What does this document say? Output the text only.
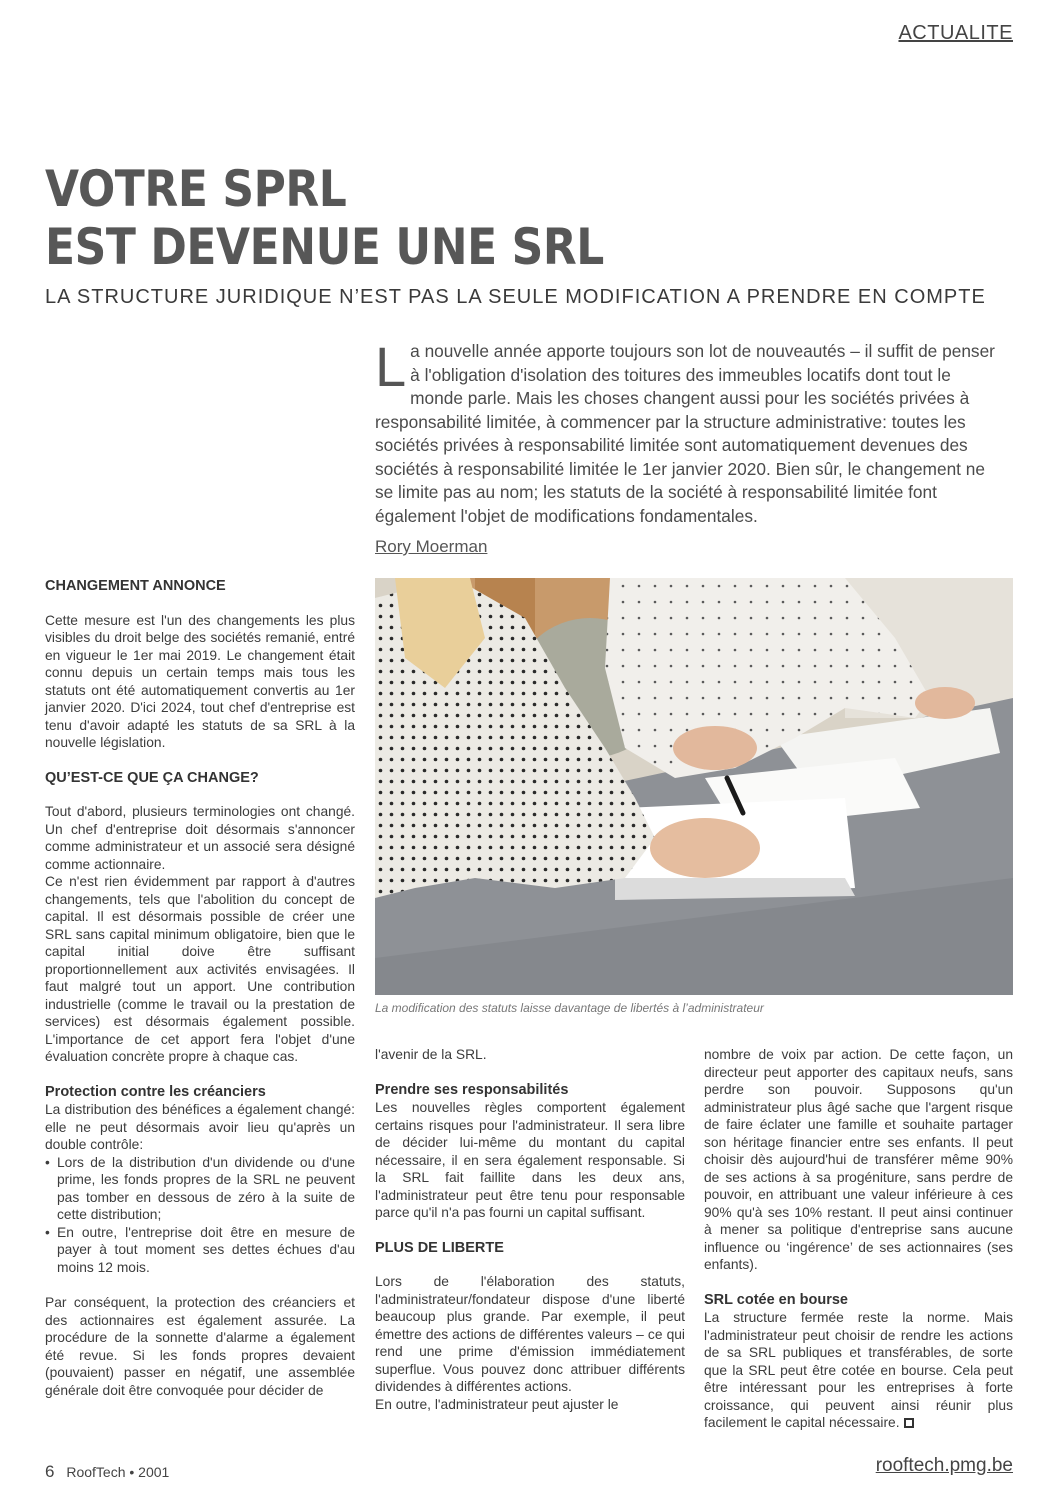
ACTUALITE
VOTRE SPRL
EST DEVENUE UNE SRL

LA STRUCTURE JURIDIQUE N’EST PAS LA SEULE MODIFICATION A PRENDRE EN COMPTE

La nouvelle année apporte toujours son lot de nouveautés – il suffit de penser à l'obligation d'isolation des toitures des immeubles locatifs dont tout le monde parle. Mais les choses changent aussi pour les sociétés privées à responsabilité limitée, à commencer par la structure administrative: toutes les sociétés privées à responsabilité limitée sont automatiquement devenues des sociétés à responsabilité limitée le 1er janvier 2020. Bien sûr, le changement ne se limite pas au nom; les statuts de la société à responsabilité limitée font également l'objet de modifications fondamentales.

Rory Moerman

CHANGEMENT ANNONCE

Cette mesure est l'un des changements les plus visibles du droit belge des sociétés remanié, entré en vigueur le 1er mai 2019. Le changement était connu depuis un certain temps mais tous les statuts ont été automatiquement convertis au 1er janvier 2020. D'ici 2024, tout chef d'entreprise est tenu d'avoir adapté les statuts de sa SRL à la nouvelle législation.

QU’EST-CE QUE ÇA CHANGE?

Tout d'abord, plusieurs terminologies ont changé. Un chef d'entreprise doit désormais s'annoncer comme administrateur et un associé sera désigné comme actionnaire.

Ce n'est rien évidemment par rapport à d'autres changements, tels que l'abolition du concept de capital. Il est désormais possible de créer une SRL sans capital minimum obligatoire, bien que le capital initial doive être suffisant proportionnellement aux activités envisagées. Il faut malgré tout un apport. Une contribution industrielle (comme le travail ou la prestation de services) est désormais également possible. L'importance de cet apport fera l'objet d'une évaluation concrète propre à chaque cas.

Protection contre les créanciers

La distribution des bénéfices a également changé: elle ne peut désormais avoir lieu qu'après un double contrôle:

• Lors de la distribution d'un dividende ou d'une prime, les fonds propres de la SRL ne peuvent pas tomber en dessous de zéro à la suite de cette distribution;
• En outre, l'entreprise doit être en mesure de payer à tout moment ses dettes échues d'au moins 12 mois.

Par conséquent, la protection des créanciers et des actionnaires est également assurée. La procédure de la sonnette d'alarme a également été revue. Si les fonds propres devaient (pouvaient) passer en négatif, une assemblée générale doit être convoquée pour décider de

La modification des statuts laisse davantage de libertés à l’administrateur

l'avenir de la SRL.

Prendre ses responsabilités

Les nouvelles règles comportent également certains risques pour l'administrateur. Il sera libre de décider lui-même du montant du capital nécessaire, il en sera également responsable. Si la SRL fait faillite dans les deux ans, l'administrateur peut être tenu pour responsable parce qu'il n'a pas fourni un capital suffisant.

PLUS DE LIBERTE

Lors de l'élaboration des statuts, l'administrateur/fondateur dispose d'une liberté beaucoup plus grande. Par exemple, il peut émettre des actions de différentes valeurs – ce qui rend une prime d'émission immédiatement superflue. Vous pouvez donc attribuer différents dividendes à différentes actions.

En outre, l'administrateur peut ajuster le

nombre de voix par action. De cette façon, un directeur peut apporter des capitaux neufs, sans perdre son pouvoir. Supposons qu'un administrateur plus âgé sache que l'argent risque de faire éclater une famille et souhaite partager son héritage financier entre ses enfants. Il peut choisir dès aujourd'hui de transférer même 90% de ses actions à sa progéniture, sans perdre de pouvoir, en attribuant une valeur inférieure à ces 90% qu'à ses 10% restant. Il peut ainsi continuer à mener sa politique d'entreprise sans aucune influence ou ‘ingérence’ de ses actionnaires (ses enfants).

SRL cotée en bourse

La structure fermée reste la norme. Mais l'administrateur peut choisir de rendre les actions de sa SRL publiques et transférables, de sorte que la SRL peut être cotée en bourse. Cela peut être intéressant pour les entreprises à forte croissance, qui peuvent ainsi réunir plus facilement le capital nécessaire.

6 RoofTech • 2001	rooftech.pmg.be
